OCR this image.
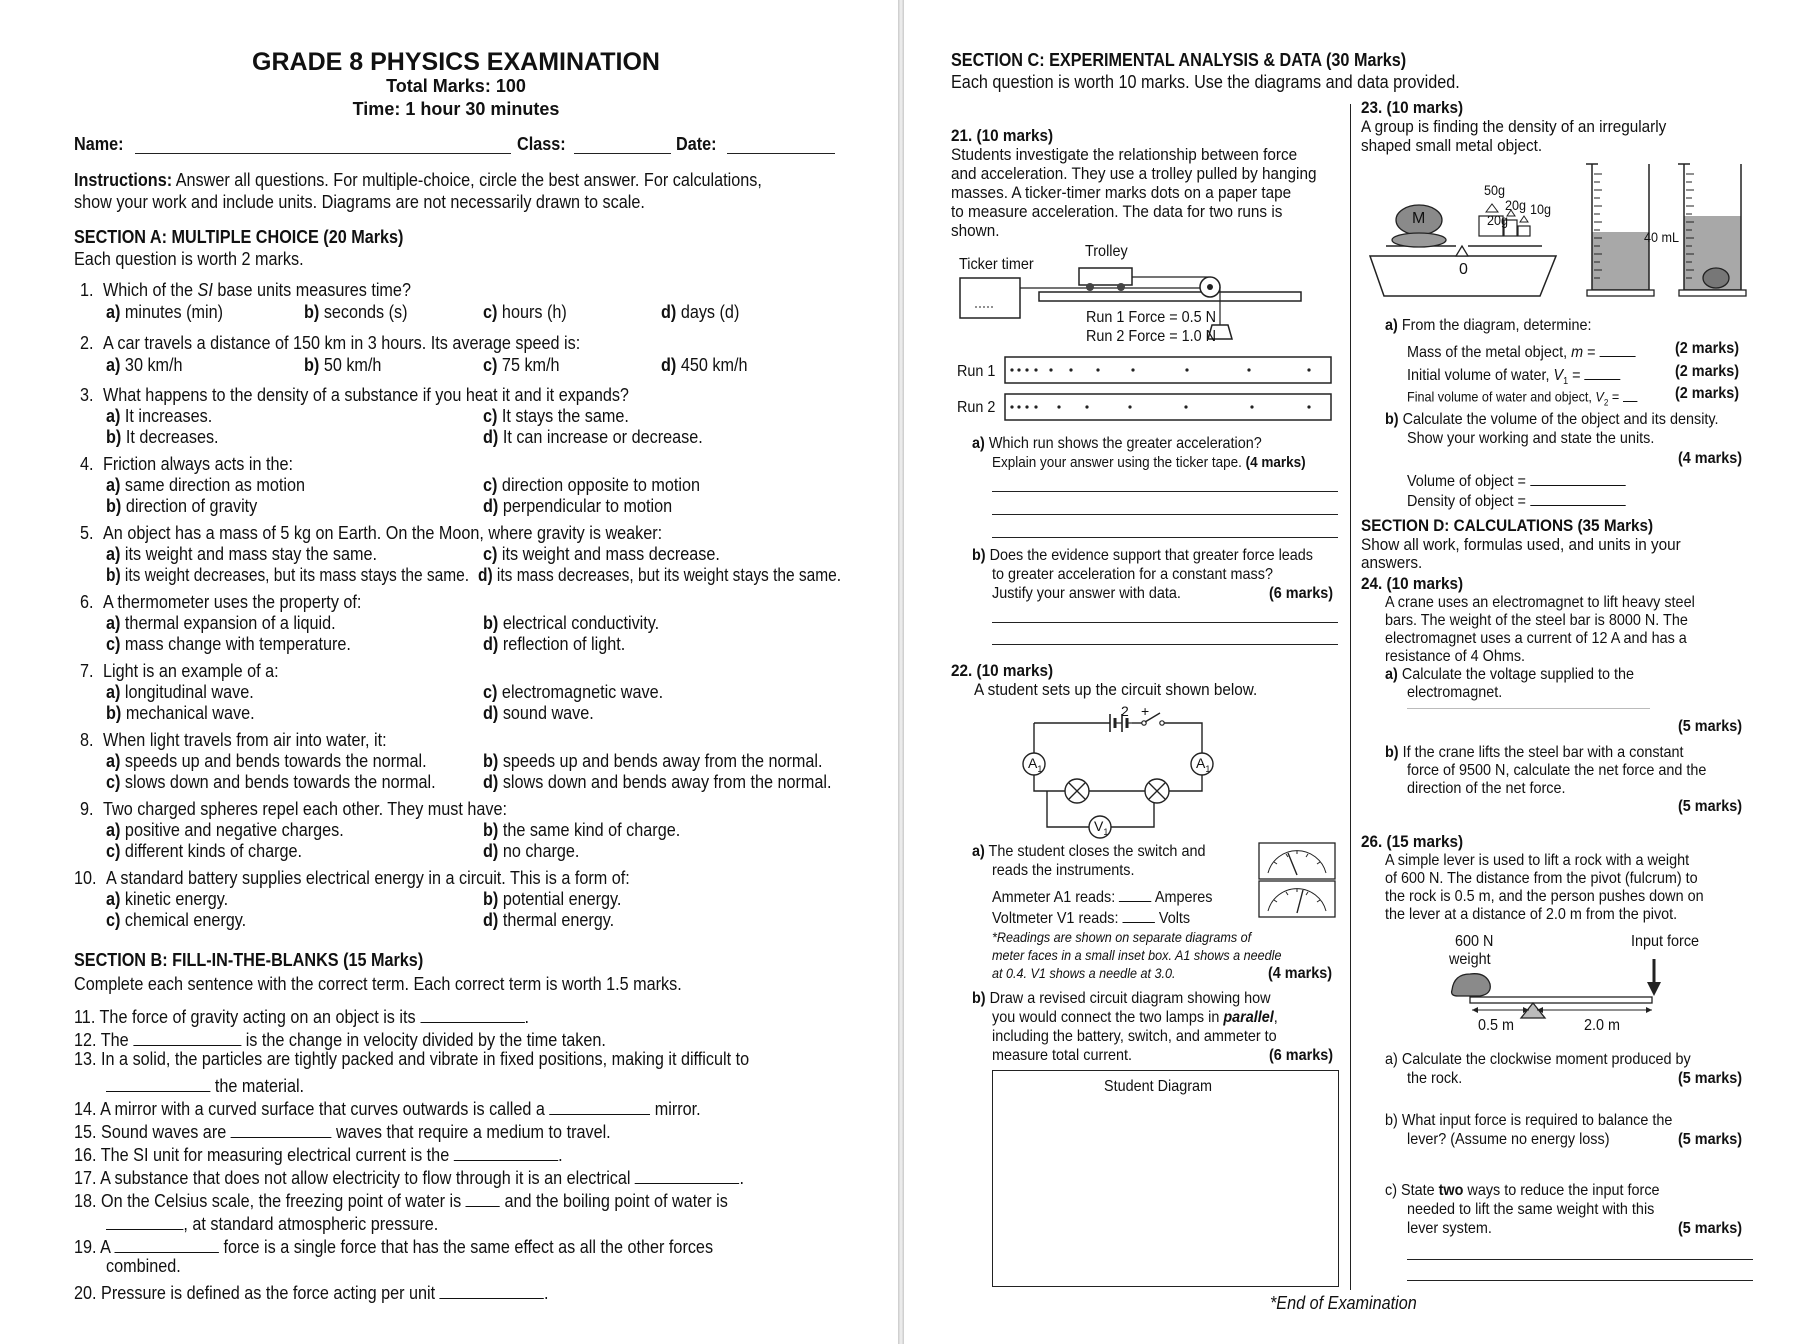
GRADE 8 PHYSICS EXAMINATION
Total Marks: 100
Time: 1 hour 30 minutes
Name:	Class:	Date:
Instructions: Answer all questions. For multiple-choice, circle the best answer. For calculations,
show your work and include units. Diagrams are not necessarily drawn to scale.
SECTION A: MULTIPLE CHOICE (20 Marks)
Each question is worth 2 marks.
1. Which of the SI base units measures time?
a) minutes (min)	b) seconds (s)	c) hours (h)	d) days (d)
2. A car travels a distance of 150 km in 3 hours. Its average speed is:
a) 30 km/h	b) 50 km/h	c) 75 km/h	d) 450 km/h
3. What happens to the density of a substance if you heat it and it expands?
a) It increases.	c) It stays the same.
b) It decreases.	d) It can increase or decrease.
4. Friction always acts in the:
a) same direction as motion	c) direction opposite to motion
b) direction of gravity	d) perpendicular to motion
5. An object has a mass of 5 kg on Earth. On the Moon, where gravity is weaker:
a) its weight and mass stay the same.	c) its weight and mass decrease.
b) its weight decreases, but its mass stays the same. d) its mass decreases, but its weight stays the same.
6. A thermometer uses the property of:
a) thermal expansion of a liquid.	b) electrical conductivity.
c) mass change with temperature.	d) reflection of light.
7. Light is an example of a:
a) longitudinal wave.	c) electromagnetic wave.
b) mechanical wave.	d) sound wave.
8. When light travels from air into water, it:
a) speeds up and bends towards the normal.	b) speeds up and bends away from the normal.
c) slows down and bends towards the normal.	d) slows down and bends away from the normal.
9. Two charged spheres repel each other. They must have:
a) positive and negative charges.	b) the same kind of charge.
c) different kinds of charge.	d) no charge.
10. A standard battery supplies electrical energy in a circuit. This is a form of:
a) kinetic energy.	b) potential energy.
c) chemical energy.	d) thermal energy.
SECTION B: FILL-IN-THE-BLANKS (15 Marks)
Complete each sentence with the correct term. Each correct term is worth 1.5 marks.
11. The force of gravity acting on an object is its	.
12. The	is the change in velocity divided by the time taken.
13. In a solid, the particles are tightly packed and vibrate in fixed positions, making it difficult to
the material.
14. A mirror with a curved surface that curves outwards is called a	mirror.
15. Sound waves are	waves that require a medium to travel.
16. The SI unit for measuring electrical current is the	.
17. A substance that does not allow electricity to flow through it is an electrical	.
18. On the Celsius scale, the freezing point of water is and the boiling point of water is
, at standard atmospheric pressure.
19. A	force is a single force that has the same effect as all the other forces
combined.
20. Pressure is defined as the force acting per unit	.
SECTION C: EXPERIMENTAL ANALYSIS & DATA (30 Marks)
Each question is worth 10 marks. Use the diagrams and data provided.
21. (10 marks)
Students investigate the relationship between force
and acceleration. They use a trolley pulled by hanging
masses. A ticker-timer marks dots on a paper tape
to measure acceleration. The data for two runs is
shown.
Ticker timer
Trolley
Run 1 Force = 0.5 N
Run 2 Force = 1.0 N
Run 1
Run 2
a) Which run shows the greater acceleration?
Explain your answer using the ticker tape. (4 marks)
b) Does the evidence support that greater force leads
to greater acceleration for a constant mass?
Justify your answer with data.	(6 marks)
22. (10 marks)
A student sets up the circuit shown below.
2 +
$A_1$	$A_1$
$V_1$
a) The student closes the switch and
reads the instruments.
Ammeter A1 reads: Amperes
Voltmeter V1 reads:	Volts
*Readings are shown on separate diagrams of
meter faces in a small inset box. A1 shows a needle
at 0.4. V1 shows a needle at 3.0.	(4 marks)
b) Draw a revised circuit diagram showing how
you would connect the two lamps in parallel,
including the battery, switch, and ammeter to
measure total current.	(6 marks)
Student Diagram
*End of Examination
23. (10 marks)
A group is finding the density of an irregularly
shaped small metal object.
M
50g
20g
20g 10g
0
40 mL
a) From the diagram, determine:
Mass of the metal object, m =	(2 marks)
Initial volume of water, $V_1$ =	(2 marks)
Final volume of water and object, $V_2$ =	(2 marks)
b) Calculate the volume of the object and its density.
Show your working and state the units.
(4 marks)
Volume of object =
Density of object =
SECTION D: CALCULATIONS (35 Marks)
Show all work, formulas used, and units in your
answers.
24. (10 marks)
A crane uses an electromagnet to lift heavy steel
bars. The weight of the steel bar is 8000 N. The
electromagnet uses a current of 12 A and has a
resistance of 4 Ohms.
a) Calculate the voltage supplied to the
electromagnet.
(5 marks)
b) If the crane lifts the steel bar with a constant
force of 9500 N, calculate the net force and the
direction of the net force.
(5 marks)
26. (15 marks)
A simple lever is used to lift a rock with a weight
of 600 N. The distance from the pivot (fulcrum) to
the rock is 0.5 m, and the person pushes down on
the lever at a distance of 2.0 m from the pivot.
600 N
weight
Input force
0.5 m	2.0 m
a) Calculate the clockwise moment produced by
the rock.	(5 marks)
b) What input force is required to balance the
lever? (Assume no energy loss)	(5 marks)
c) State two ways to reduce the input force
needed to lift the same weight with this
lever system.	(5 marks)
